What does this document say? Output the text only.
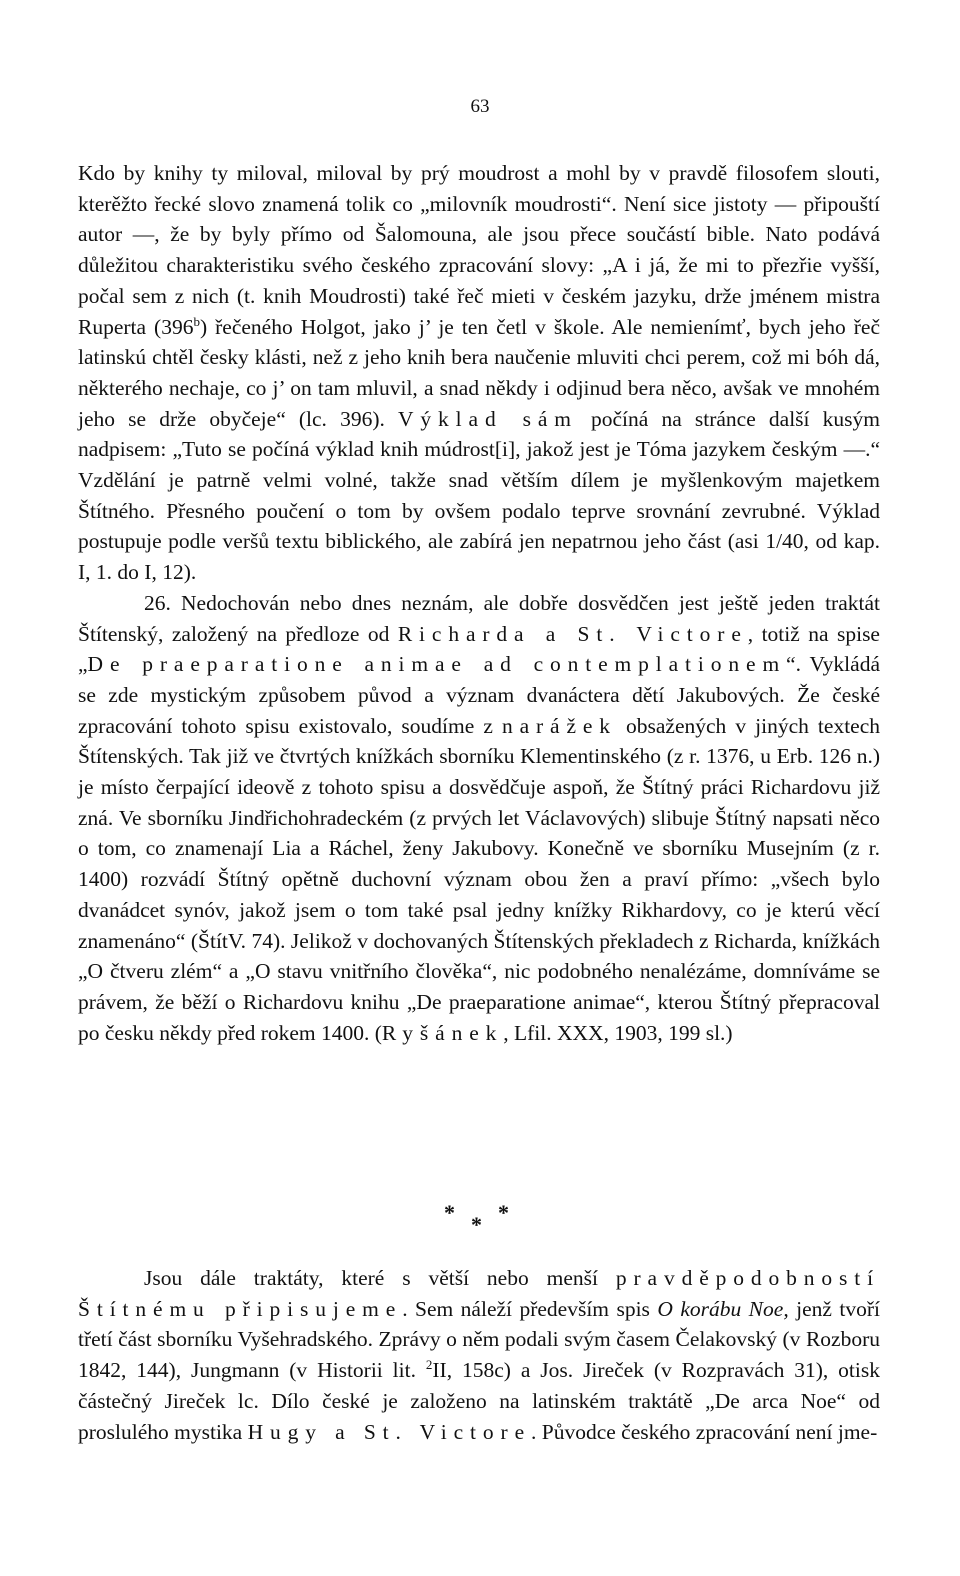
63

Kdo by knihy ty miloval, miloval by prý moudrost a mohl by v pravdě filosofem slouti, kterěžto řecké slovo znamená tolik co „milovník moudrosti“. Není sice jistoty — připouští autor —, že by byly přímo od Šalomouna, ale jsou přece součástí bible. Nato podává důležitou charakteristiku svého českého zpracování slovy: „A i já, že mi to přezřie vyšší, počal sem z nich (t. knih Moudrosti) také řeč mieti v českém jazyku, drže jménem mistra Ruperta (396$^b$) řečeného Holgot, jako j’ je ten četl v škole. Ale nemienímť, bych jeho řeč latinskú chtěl česky klásti, než z jeho knih bera naučenie mluviti chci perem, což mi bóh dá, některého nechaje, co j’ on tam mluvil, a snad někdy i odjinud bera něco, avšak ve mnohém jeho se drže obyčeje“ (lc. 396). Výklad sám počíná na stránce další kusým nadpisem: „Tuto se počíná výklad knih múdrost[i], jakož jest je Tóma jazykem českým —.“ Vzdělání je patrně velmi volné, takže snad větším dílem je myšlenkovým majetkem Štítného. Přesného poučení o tom by ovšem podalo teprve srovnání zevrubné. Výklad postupuje podle veršů textu biblického, ale zabírá jen nepatrnou jeho část (asi 1/40, od kap. I, 1. do I, 12).

26. Nedochován nebo dnes neznám, ale dobře dosvědčen jest ještě jeden traktát Štítenský, založený na předloze od Richarda a St. Victore, totiž na spise „De praeparatione animae ad contemplationem“. Vykládá se zde mystickým způsobem původ a význam dvanáctera dětí Jakubových. Že české zpracování tohoto spisu existovalo, soudíme z narážek obsažených v jiných textech Štítenských. Tak již ve čtvrtých knížkách sborníku Klementinského (z r. 1376, u Erb. 126 n.) je místo čerpající ideově z tohoto spisu a dosvědčuje aspoň, že Štítný práci Richardovu již zná. Ve sborníku Jindřichohradeckém (z prvých let Václavových) slibuje Štítný napsati něco o tom, co znamenají Lia a Ráchel, ženy Jakubovy. Konečně ve sborníku Musejním (z r. 1400) rozvádí Štítný opětně duchovní význam obou žen a praví přímo: „všech bylo dvanádcet synóv, jakož jsem o tom také psal jedny knížky Rikhardovy, co je kterú věcí znamenáno“ (ŠtítV. 74). Jelikož v dochovaných Štítenských překladech z Richarda, knížkách „O čtveru zlém“ a „O stavu vnitřního člověka“, nic podobného nenalézáme, domníváme se právem, že běží o Richardovu knihu „De praeparatione animae“, kterou Štítný přepracoval po česku někdy před rokem 1400. (Ryšánek, Lfil. XXX, 1903, 199 sl.)

* * *

Jsou dále traktáty, které s větší nebo menší pravděpodobností Štítnému připisujeme. Sem náleží především spis O korábu Noe, jenž tvoří třetí část sborníku Vyšehradského. Zprávy o něm podali svým časem Čelakovský (v Rozboru 1842, 144), Jungmann (v Historii lit. $^2$II, 158c) a Jos. Jireček (v Rozpravách 31), otisk částečný Jireček lc. Dílo české je založeno na latinském traktátě „De arca Noe“ od proslulého mystika Hugy a St. Victore. Původce českého zpracování není jme-
